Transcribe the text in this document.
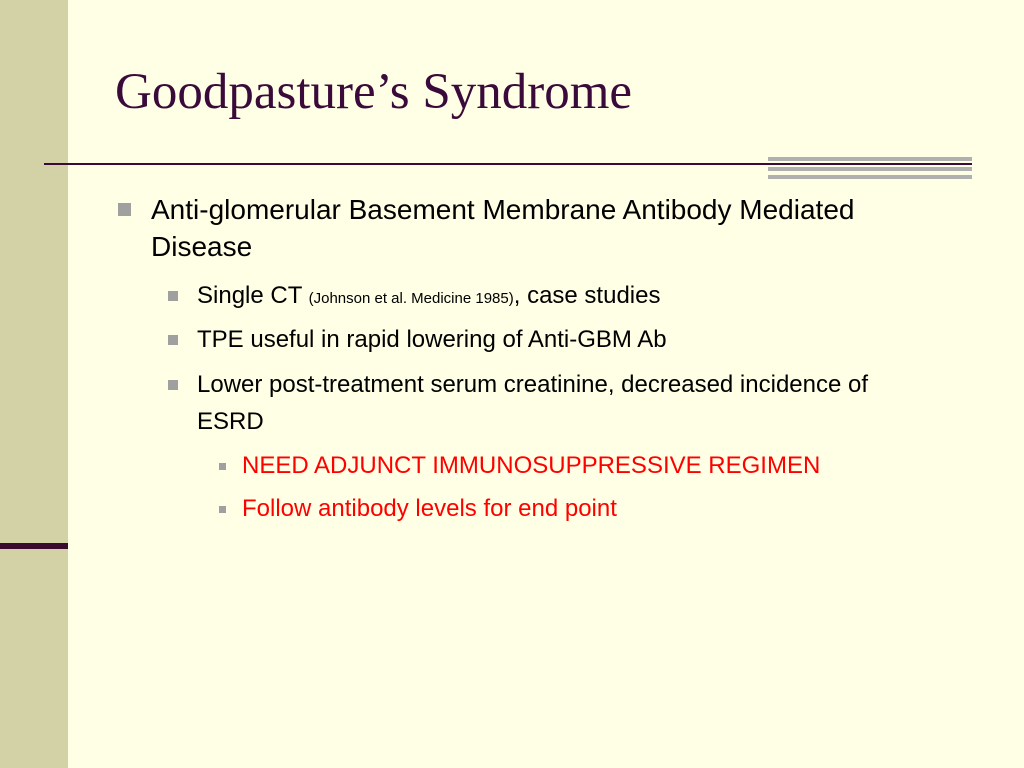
Goodpasture’s Syndrome
Anti-glomerular Basement Membrane Antibody Mediated Disease
Single CT (Johnson et al. Medicine 1985), case studies
TPE useful in rapid lowering of Anti-GBM Ab
Lower post-treatment serum creatinine, decreased incidence of ESRD
NEED ADJUNCT IMMUNOSUPPRESSIVE REGIMEN
Follow antibody levels for end point
